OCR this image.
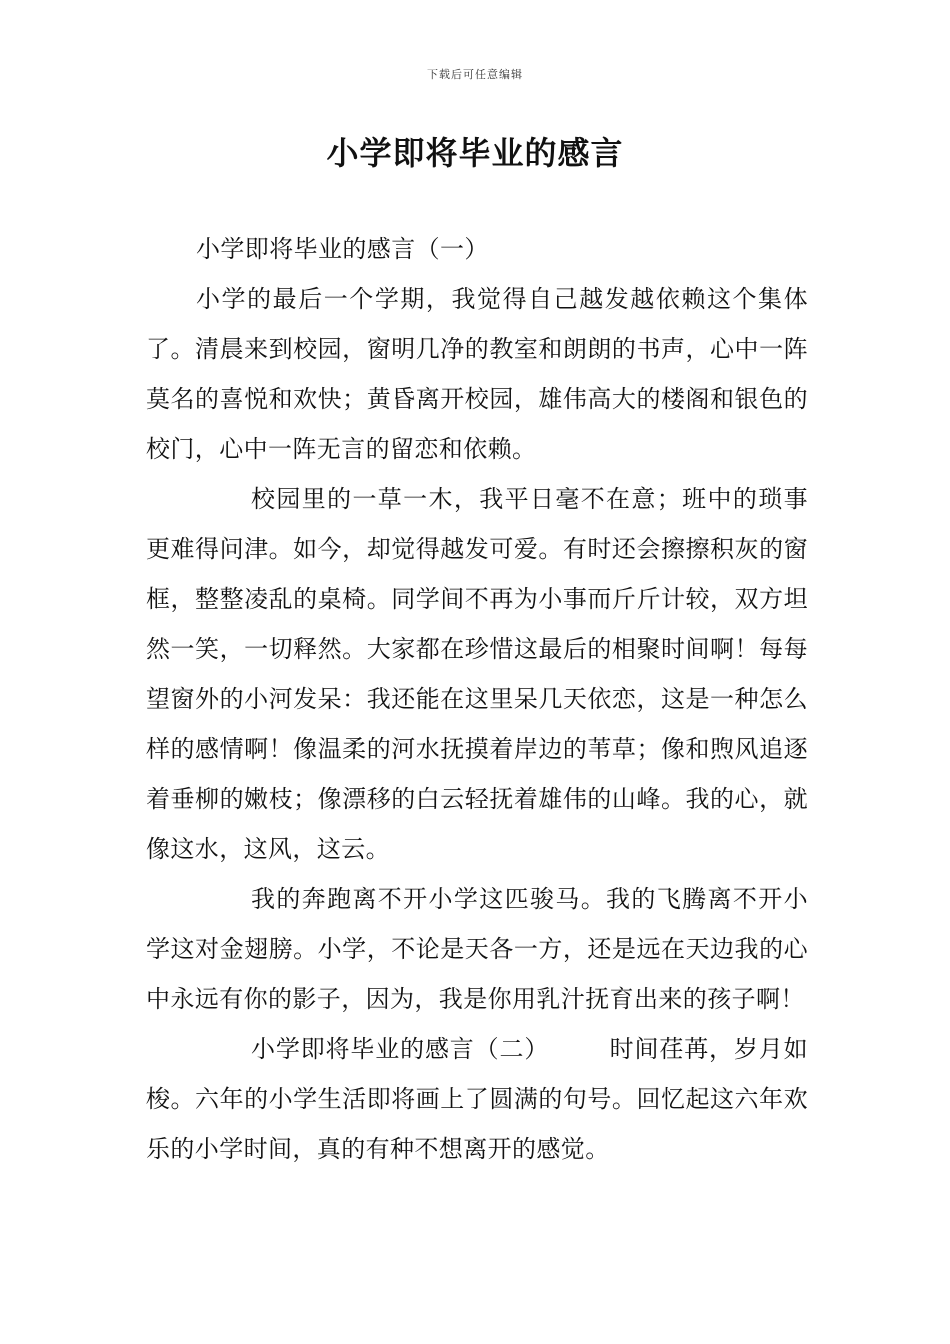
下载后可任意编辑
小学即将毕业的感言

小学即将毕业的感言（一）

小学的最后一个学期，我觉得自己越发越依赖这个集体了。清晨来到校园，窗明几净的教室和朗朗的书声，心中一阵莫名的喜悦和欢快；黄昏离开校园，雄伟高大的楼阁和银色的校门，心中一阵无言的留恋和依赖。

校园里的一草一木，我平日毫不在意；班中的琐事更难得问津。如今，却觉得越发可爱。有时还会擦擦积灰的窗框，整整凌乱的桌椅。同学间不再为小事而斤斤计较，双方坦然一笑，一切释然。大家都在珍惜这最后的相聚时间啊！每每望窗外的小河发呆：我还能在这里呆几天依恋，这是一种怎么样的感情啊！像温柔的河水抚摸着岸边的苇草；像和煦风追逐着垂柳的嫩枝；像漂移的白云轻抚着雄伟的山峰。我的心，就像这水，这风，这云。

我的奔跑离不开小学这匹骏马。我的飞腾离不开小学这对金翅膀。小学，不论是天各一方，还是远在天边我的心中永远有你的影子，因为，我是你用乳汁抚育出来的孩子啊！

小学即将毕业的感言（二）	时间荏苒，岁月如梭。六年的小学生活即将画上了圆满的句号。回忆起这六年欢乐的小学时间，真的有种不想离开的感觉。
